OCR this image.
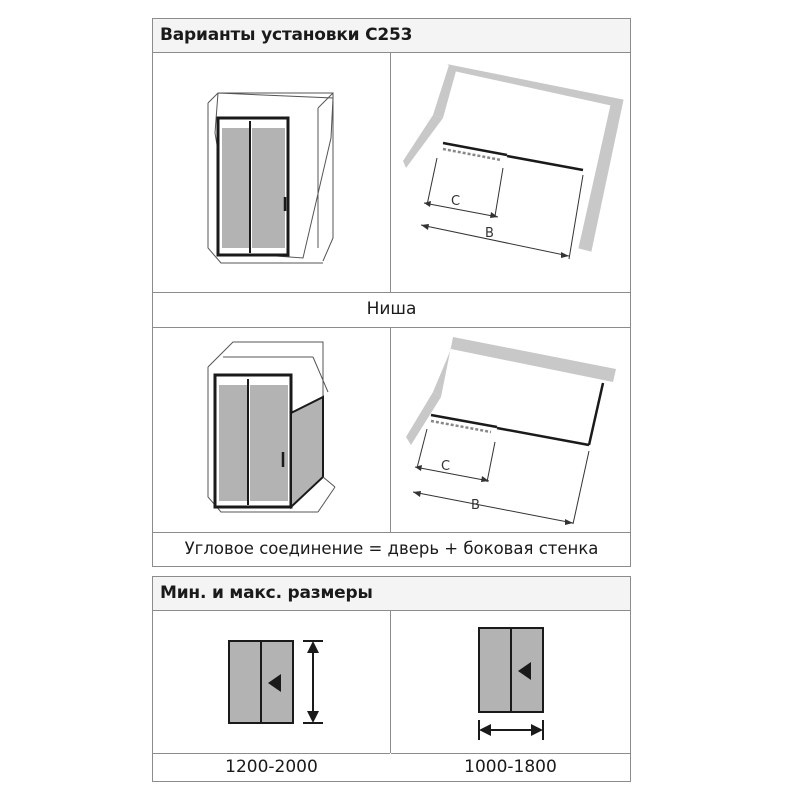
Варианты установки C253
C
B
Ниша
C
B
Угловое соединение = дверь + боковая стенка
Мин. и макс. размеры
1200-2000	1000-1800
